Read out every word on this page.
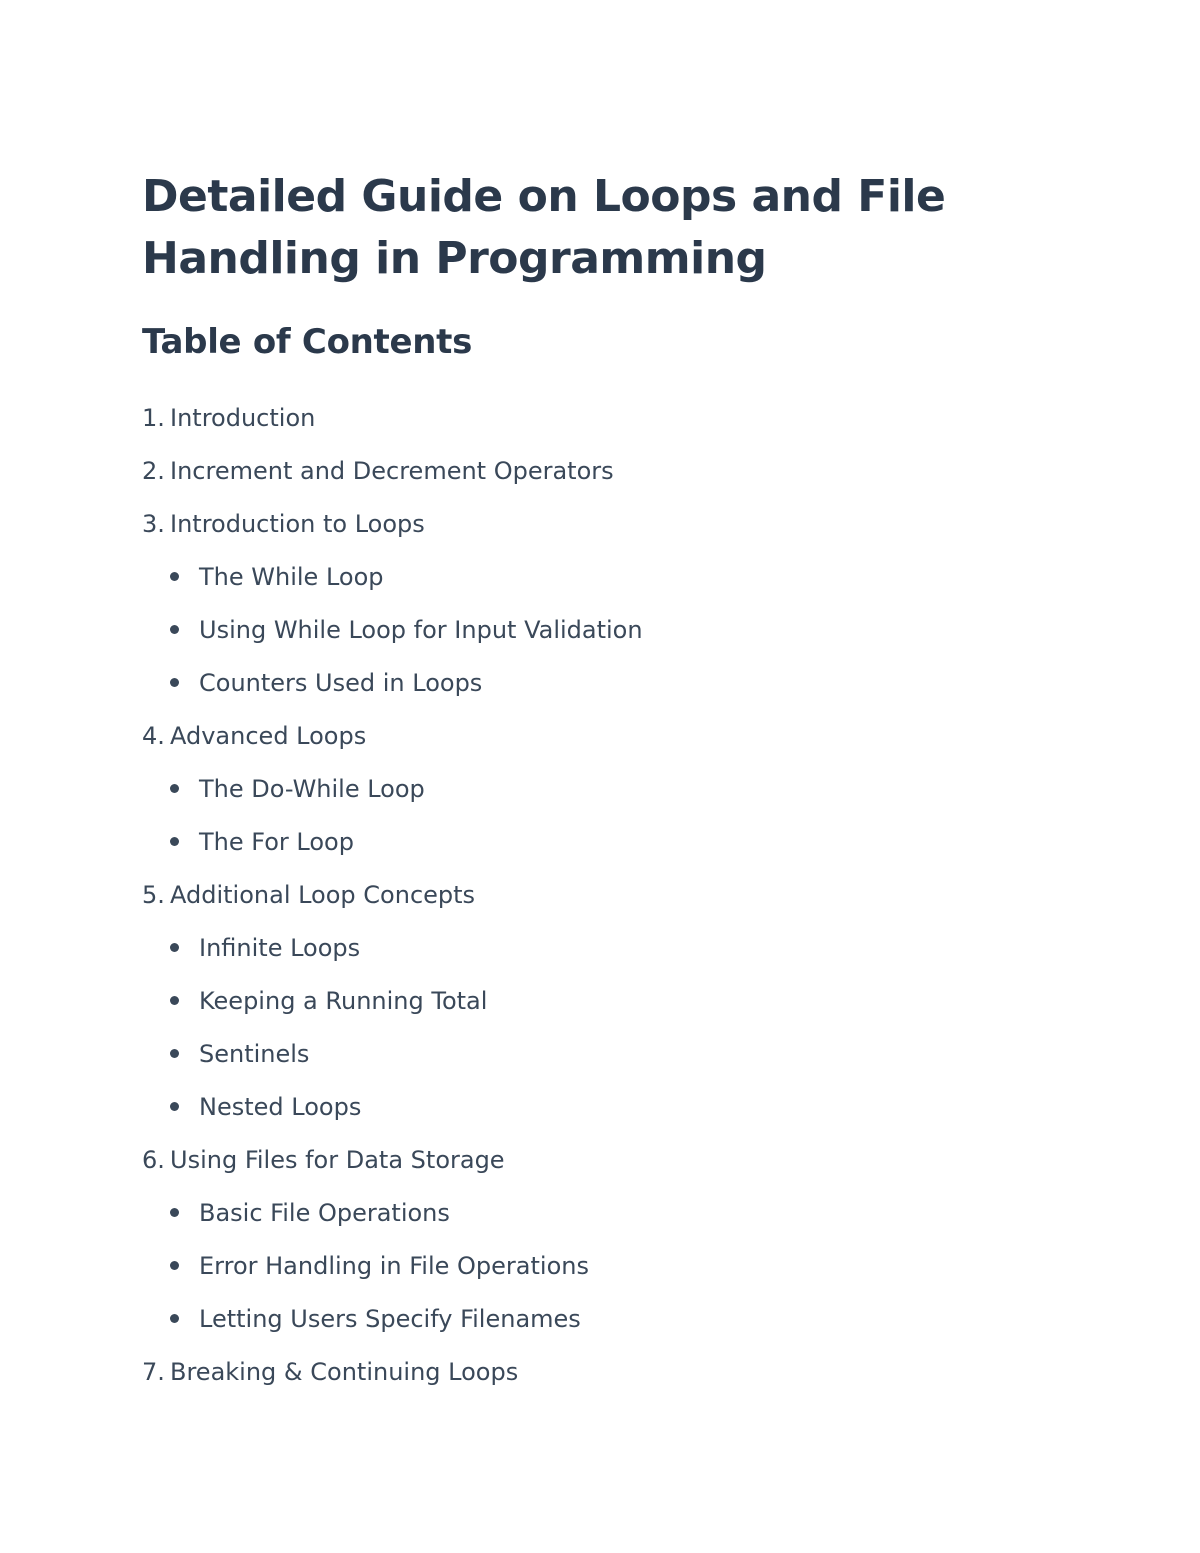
Detailed Guide on Loops and File
Handling in Programming
Table of Contents
1. Introduction
2. Increment and Decrement Operators
3. Introduction to Loops
The While Loop
Using While Loop for Input Validation
Counters Used in Loops
4. Advanced Loops
The Do-While Loop
The For Loop
5. Additional Loop Concepts
Infinite Loops
Keeping a Running Total
Sentinels
Nested Loops
6. Using Files for Data Storage
Basic File Operations
Error Handling in File Operations
Letting Users Specify Filenames
7. Breaking & Continuing Loops
